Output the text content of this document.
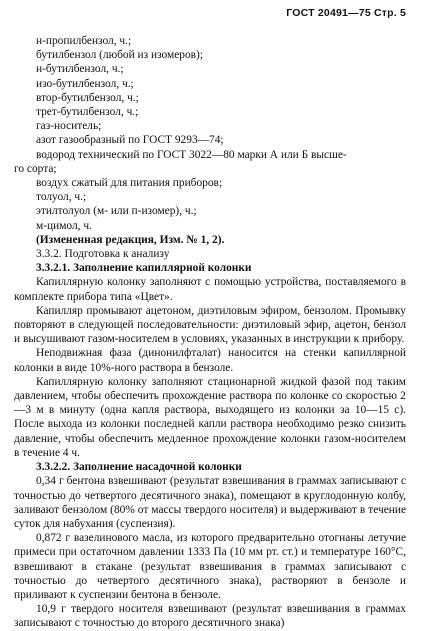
ГОСТ 20491—75 Стр. 5
н-пропилбензол, ч.;
бутилбензол (любой из изомеров);
н-бутилбензол, ч.;
изо-бутилбензол, ч.;
втор-бутилбензол, ч.;
трет-бутилбензол, ч.;
газ-носитель;
азот газообразный по ГОСТ 9293—74;
водород технический по ГОСТ 3022—80 марки А или Б высше-
го сорта;
воздух сжатый для питания приборов;
толуол, ч.;
этилтолуол (м- или п-изомер), ч.;
м-цимол, ч.
(Измененная редакция, Изм. № 1, 2).
3.3.2. Подготовка к анализу
3.3.2.1. Заполнение капиллярной колонки

Капиллярную колонку заполняют с помощью устройства, поставляемого в комплекте прибора типа «Цвет».

Капилляр промывают ацетоном, диэтиловым эфиром, бензолом. Промывку повторяют в следующей последовательности: диэтиловый эфир, ацетон, бензол и высушивают газом-носителем в условиях, указанных в инструкции к прибору.

Неподвижная фаза (динонилфталат) наносится на стенки капиллярной колонки в виде 10%-ного раствора в бензоле.

Капиллярную колонку заполняют стационарной жидкой фазой под таким давлением, чтобы обеспечить прохождение раствора по колонке со скоростью 2—3 м в минуту (одна капля раствора, выходящего из колонки за 10—15 с). После выхода из колонки последней капли раствора необходимо резко снизить давление, чтобы обеспечить медленное прохождение колонки газом-носителем в течение 4 ч.

3.3.2.2. Заполнение насадочной колонки

0,34 г бентона взвешивают (результат взвешивания в граммах записывают с точностью до четвертого десятичного знака), помещают в круглодонную колбу, заливают бензолом (80% от массы твердого носителя) и выдерживают в течение суток для набухания (суспензия).

0,872 г вазелинового масла, из которого предварительно отогнаны летучие примеси при остаточном давлении 1333 Па (10 мм рт. ст.) и температуре 160°С, взвешивают в стакане (результат взвешивания в граммах записывают с точностью до четвертого десятичного знака), растворяют в бензоле и приливают к суспензии бентона в бензоле.

10,9 г твердого носителя взвешивают (результат взвешивания в граммах записывают с точностью до второго десятичного знака)
